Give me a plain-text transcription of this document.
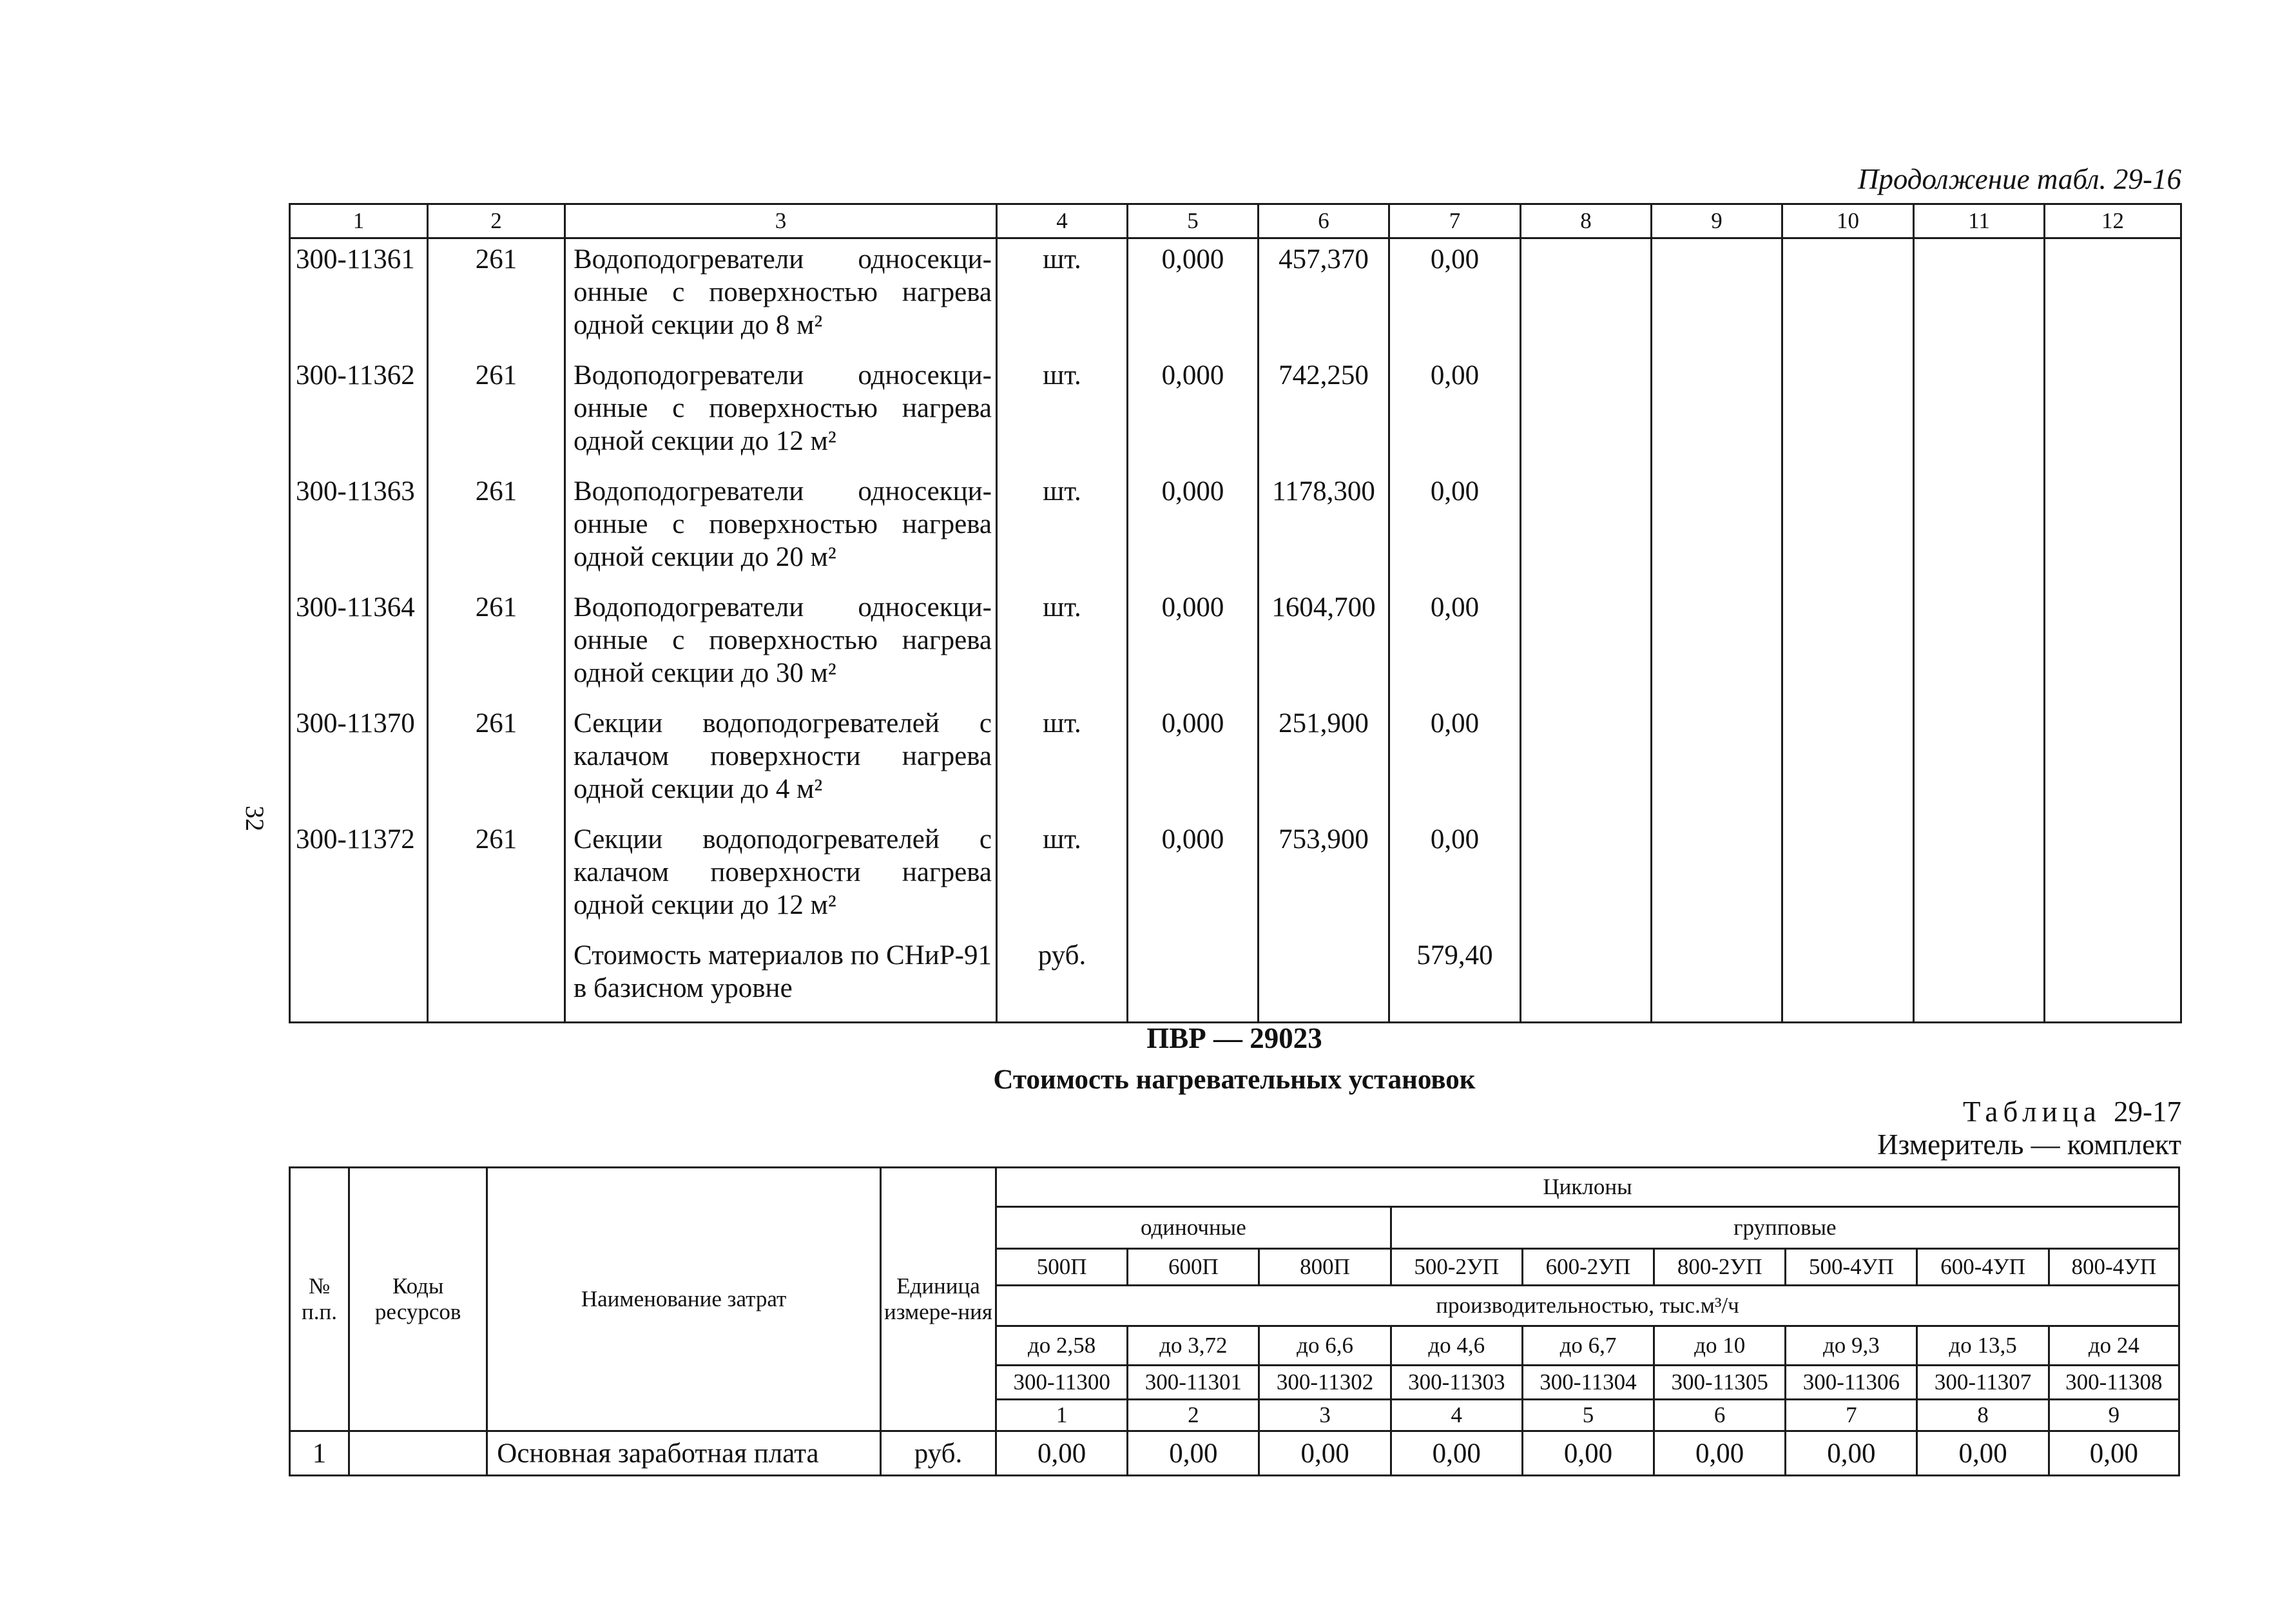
Продолжение табл. 29-16
1	2	3	4	5	6	7	8	9	10	11	12
300-11361	261	Водоподогреватели односекци-онные с поверхностью нагрева одной секции до 8 м²	шт.	0,000	457,370	0,00					
300-11362	261	Водоподогреватели односекци-онные с поверхностью нагрева одной секции до 12 м²	шт.	0,000	742,250	0,00					
300-11363	261	Водоподогреватели односекци-онные с поверхностью нагрева одной секции до 20 м²	шт.	0,000	1178,300	0,00					
300-11364	261	Водоподогреватели односекци-онные с поверхностью нагрева одной секции до 30 м²	шт.	0,000	1604,700	0,00					
300-11370	261	Секции водоподогревателей с калачом поверхности нагрева одной секции до 4 м²	шт.	0,000	251,900	0,00					
300-11372	261	Секции водоподогревателей с калачом поверхности нагрева одной секции до 12 м²	шт.	0,000	753,900	0,00					
		Стоимость материалов по СНиР-91 в базисном уровне	руб.			579,40					
32
ПВР — 29023
Стоимость нагревательных установок
Таблица 29-17
Измеритель — комплект
№ п.п.	Коды ресурсов	Наименование затрат	Единица измере-ния	Циклоны								
				одиночные			групповые					
				500П	600П	800П	500-2УП	600-2УП	800-2УП	500-4УП	600-4УП	800-4УП
				производительностью, тыс.м³/ч								
				до 2,58	до 3,72	до 6,6	до 4,6	до 6,7	до 10	до 9,3	до 13,5	до 24
				300-11300	300-11301	300-11302	300-11303	300-11304	300-11305	300-11306	300-11307	300-11308
				1	2	3	4	5	6	7	8	9
1		Основная заработная плата	руб.	0,00	0,00	0,00	0,00	0,00	0,00	0,00	0,00	0,00
